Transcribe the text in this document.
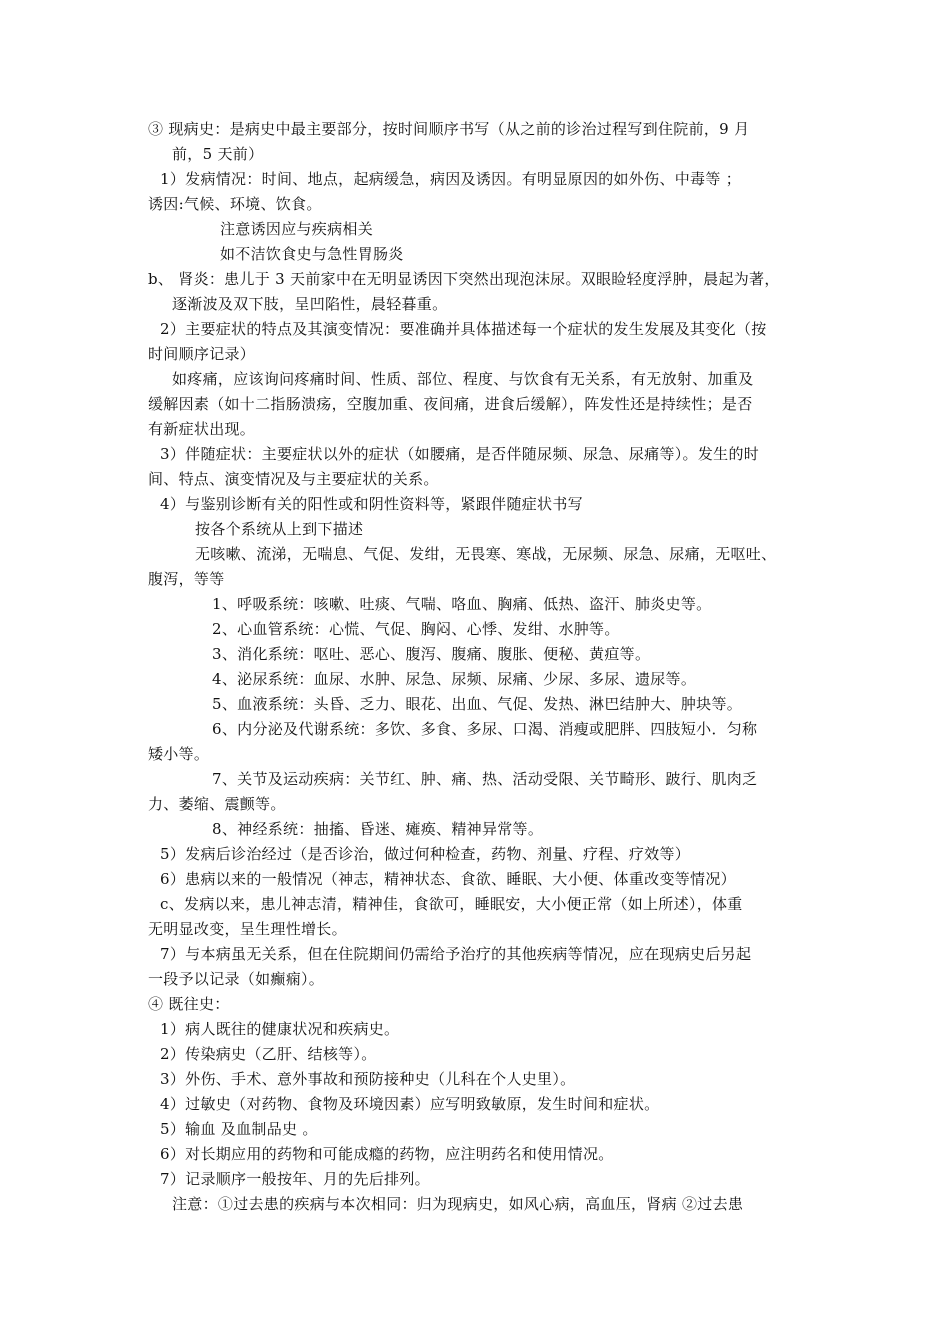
③ 现病史：是病史中最主要部分，按时间顺序书写（从之前的诊治过程写到住院前，9 月
前，5 天前）
1）发病情况：时间、地点，起病缓急，病因及诱因。有明显原因的如外伤、中毒等 ；
诱因:气候、环境、饮食。
注意诱因应与疾病相关
如不洁饮食史与急性胃肠炎
b、 肾炎：患儿于 3 天前家中在无明显诱因下突然出现泡沫尿。双眼睑轻度浮肿，晨起为著，
逐渐波及双下肢，呈凹陷性，晨轻暮重。
2）主要症状的特点及其演变情况：要准确并具体描述每一个症状的发生发展及其变化（按
时间顺序记录）
如疼痛，应该询问疼痛时间、性质、部位、程度、与饮食有无关系，有无放射、加重及
缓解因素（如十二指肠溃疡，空腹加重、夜间痛，进食后缓解），阵发性还是持续性；是否
有新症状出现。
3）伴随症状：主要症状以外的症状（如腰痛，是否伴随尿频、尿急、尿痛等）。发生的时
间、特点、演变情况及与主要症状的关系。
4）与鉴别诊断有关的阳性或和阴性资料等，紧跟伴随症状书写
按各个系统从上到下描述
无咳嗽、流涕，无喘息、气促、发绀，无畏寒、寒战，无尿频、尿急、尿痛，无呕吐、
腹泻，等等
1、呼吸系统：咳嗽、吐痰、气喘、咯血、胸痛、低热、盗汗、肺炎史等。
2、心血管系统：心慌、气促、胸闷、心悸、发绀、水肿等。
3、消化系统：呕吐、恶心、腹泻、腹痛、腹胀、便秘、黄疸等。
4、泌尿系统：血尿、水肿、尿急、尿频、尿痛、少尿、多尿、遗尿等。
5、血液系统：头昏、乏力、眼花、出血、气促、发热、淋巴结肿大、肿块等。
6、内分泌及代谢系统：多饮、多食、多尿、口渴、消瘦或肥胖、四肢短小．匀称
矮小等。
7、关节及运动疾病：关节红、肿、痛、热、活动受限、关节畸形、跛行、肌肉乏
力、萎缩、震颤等。
8、神经系统：抽搐、昏迷、瘫痪、精神异常等。
5）发病后诊治经过（是否诊治，做过何种检查，药物、剂量、疗程、疗效等）
6）患病以来的一般情况（神志，精神状态、食欲、睡眠、大小便、体重改变等情况）
c、发病以来，患儿神志清，精神佳，食欲可，睡眠安，大小便正常（如上所述），体重
无明显改变，呈生理性增长。
7）与本病虽无关系，但在住院期间仍需给予治疗的其他疾病等情况，应在现病史后另起
一段予以记录（如癫痫）。
④ 既往史：
1）病人既往的健康状况和疾病史。
2）传染病史（乙肝、结核等）。
3）外伤、手术、意外事故和预防接种史（儿科在个人史里）。
4）过敏史（对药物、食物及环境因素）应写明致敏原，发生时间和症状。
5）输血 及血制品史 。
6）对长期应用的药物和可能成瘾的药物，应注明药名和使用情况。
7）记录顺序一般按年、月的先后排列。
注意：①过去患的疾病与本次相同：归为现病史，如风心病，高血压，肾病 ②过去患
